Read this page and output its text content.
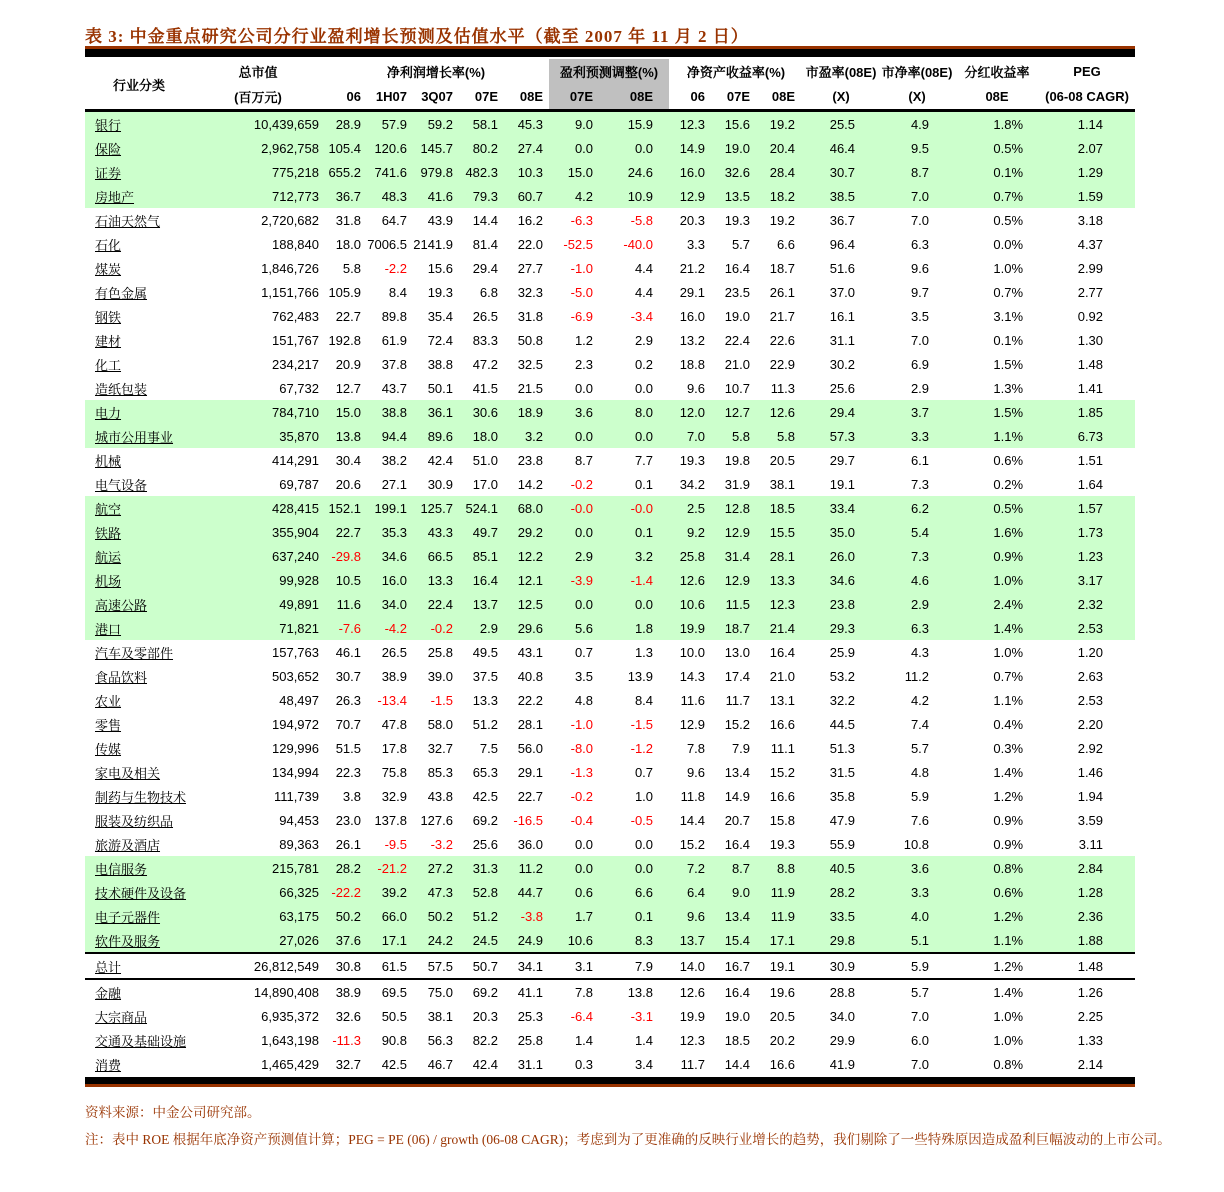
表 3: 中金重点研究公司分行业盈利增长预测及估值水平（截至 2007 年 11 月 2 日）
行业分类	总市值	净利润增长率(%)					盈利预测调整(%)		净资产收益率(%)			市盈率(08E)	市净率(08E)	分红收益率	PEG
	(百万元)	06	1H07	3Q07	07E	08E	07E	08E	06	07E	08E	(X)	(X)	08E	(06-08 CAGR)
银行	10,439,659	28.9	57.9	59.2	58.1	45.3	9.0	15.9	12.3	15.6	19.2	25.5	4.9	1.8%	1.14
保险	2,962,758	105.4	120.6	145.7	80.2	27.4	0.0	0.0	14.9	19.0	20.4	46.4	9.5	0.5%	2.07
证券	775,218	655.2	741.6	979.8	482.3	10.3	15.0	24.6	16.0	32.6	28.4	30.7	8.7	0.1%	1.29
房地产	712,773	36.7	48.3	41.6	79.3	60.7	4.2	10.9	12.9	13.5	18.2	38.5	7.0	0.7%	1.59
石油天然气	2,720,682	31.8	64.7	43.9	14.4	16.2	-6.3	-5.8	20.3	19.3	19.2	36.7	7.0	0.5%	3.18
石化	188,840	18.0	7006.5	2141.9	81.4	22.0	-52.5	-40.0	3.3	5.7	6.6	96.4	6.3	0.0%	4.37
煤炭	1,846,726	5.8	-2.2	15.6	29.4	27.7	-1.0	4.4	21.2	16.4	18.7	51.6	9.6	1.0%	2.99
有色金属	1,151,766	105.9	8.4	19.3	6.8	32.3	-5.0	4.4	29.1	23.5	26.1	37.0	9.7	0.7%	2.77
钢铁	762,483	22.7	89.8	35.4	26.5	31.8	-6.9	-3.4	16.0	19.0	21.7	16.1	3.5	3.1%	0.92
建材	151,767	192.8	61.9	72.4	83.3	50.8	1.2	2.9	13.2	22.4	22.6	31.1	7.0	0.1%	1.30
化工	234,217	20.9	37.8	38.8	47.2	32.5	2.3	0.2	18.8	21.0	22.9	30.2	6.9	1.5%	1.48
造纸包装	67,732	12.7	43.7	50.1	41.5	21.5	0.0	0.0	9.6	10.7	11.3	25.6	2.9	1.3%	1.41
电力	784,710	15.0	38.8	36.1	30.6	18.9	3.6	8.0	12.0	12.7	12.6	29.4	3.7	1.5%	1.85
城市公用事业	35,870	13.8	94.4	89.6	18.0	3.2	0.0	0.0	7.0	5.8	5.8	57.3	3.3	1.1%	6.73
机械	414,291	30.4	38.2	42.4	51.0	23.8	8.7	7.7	19.3	19.8	20.5	29.7	6.1	0.6%	1.51
电气设备	69,787	20.6	27.1	30.9	17.0	14.2	-0.2	0.1	34.2	31.9	38.1	19.1	7.3	0.2%	1.64
航空	428,415	152.1	199.1	125.7	524.1	68.0	-0.0	-0.0	2.5	12.8	18.5	33.4	6.2	0.5%	1.57
铁路	355,904	22.7	35.3	43.3	49.7	29.2	0.0	0.1	9.2	12.9	15.5	35.0	5.4	1.6%	1.73
航运	637,240	-29.8	34.6	66.5	85.1	12.2	2.9	3.2	25.8	31.4	28.1	26.0	7.3	0.9%	1.23
机场	99,928	10.5	16.0	13.3	16.4	12.1	-3.9	-1.4	12.6	12.9	13.3	34.6	4.6	1.0%	3.17
高速公路	49,891	11.6	34.0	22.4	13.7	12.5	0.0	0.0	10.6	11.5	12.3	23.8	2.9	2.4%	2.32
港口	71,821	-7.6	-4.2	-0.2	2.9	29.6	5.6	1.8	19.9	18.7	21.4	29.3	6.3	1.4%	2.53
汽车及零部件	157,763	46.1	26.5	25.8	49.5	43.1	0.7	1.3	10.0	13.0	16.4	25.9	4.3	1.0%	1.20
食品饮料	503,652	30.7	38.9	39.0	37.5	40.8	3.5	13.9	14.3	17.4	21.0	53.2	11.2	0.7%	2.63
农业	48,497	26.3	-13.4	-1.5	13.3	22.2	4.8	8.4	11.6	11.7	13.1	32.2	4.2	1.1%	2.53
零售	194,972	70.7	47.8	58.0	51.2	28.1	-1.0	-1.5	12.9	15.2	16.6	44.5	7.4	0.4%	2.20
传媒	129,996	51.5	17.8	32.7	7.5	56.0	-8.0	-1.2	7.8	7.9	11.1	51.3	5.7	0.3%	2.92
家电及相关	134,994	22.3	75.8	85.3	65.3	29.1	-1.3	0.7	9.6	13.4	15.2	31.5	4.8	1.4%	1.46
制药与生物技术	111,739	3.8	32.9	43.8	42.5	22.7	-0.2	1.0	11.8	14.9	16.6	35.8	5.9	1.2%	1.94
服装及纺织品	94,453	23.0	137.8	127.6	69.2	-16.5	-0.4	-0.5	14.4	20.7	15.8	47.9	7.6	0.9%	3.59
旅游及酒店	89,363	26.1	-9.5	-3.2	25.6	36.0	0.0	0.0	15.2	16.4	19.3	55.9	10.8	0.9%	3.11
电信服务	215,781	28.2	-21.2	27.2	31.3	11.2	0.0	0.0	7.2	8.7	8.8	40.5	3.6	0.8%	2.84
技术硬件及设备	66,325	-22.2	39.2	47.3	52.8	44.7	0.6	6.6	6.4	9.0	11.9	28.2	3.3	0.6%	1.28
电子元器件	63,175	50.2	66.0	50.2	51.2	-3.8	1.7	0.1	9.6	13.4	11.9	33.5	4.0	1.2%	2.36
软件及服务	27,026	37.6	17.1	24.2	24.5	24.9	10.6	8.3	13.7	15.4	17.1	29.8	5.1	1.1%	1.88
总计	26,812,549	30.8	61.5	57.5	50.7	34.1	3.1	7.9	14.0	16.7	19.1	30.9	5.9	1.2%	1.48
金融	14,890,408	38.9	69.5	75.0	69.2	41.1	7.8	13.8	12.6	16.4	19.6	28.8	5.7	1.4%	1.26
大宗商品	6,935,372	32.6	50.5	38.1	20.3	25.3	-6.4	-3.1	19.9	19.0	20.5	34.0	7.0	1.0%	2.25
交通及基础设施	1,643,198	-11.3	90.8	56.3	82.2	25.8	1.4	1.4	12.3	18.5	20.2	29.9	6.0	1.0%	1.33
消费	1,465,429	32.7	42.5	46.7	42.4	31.1	0.3	3.4	11.7	14.4	16.6	41.9	7.0	0.8%	2.14

资料来源：中金公司研究部。

注：表中 ROE 根据年底净资产预测值计算；PEG = PE (06) / growth (06-08 CAGR)；考虑到为了更准确的反映行业增长的趋势，我们剔除了一些特殊原因造成盈利巨幅波动的上市公司。
